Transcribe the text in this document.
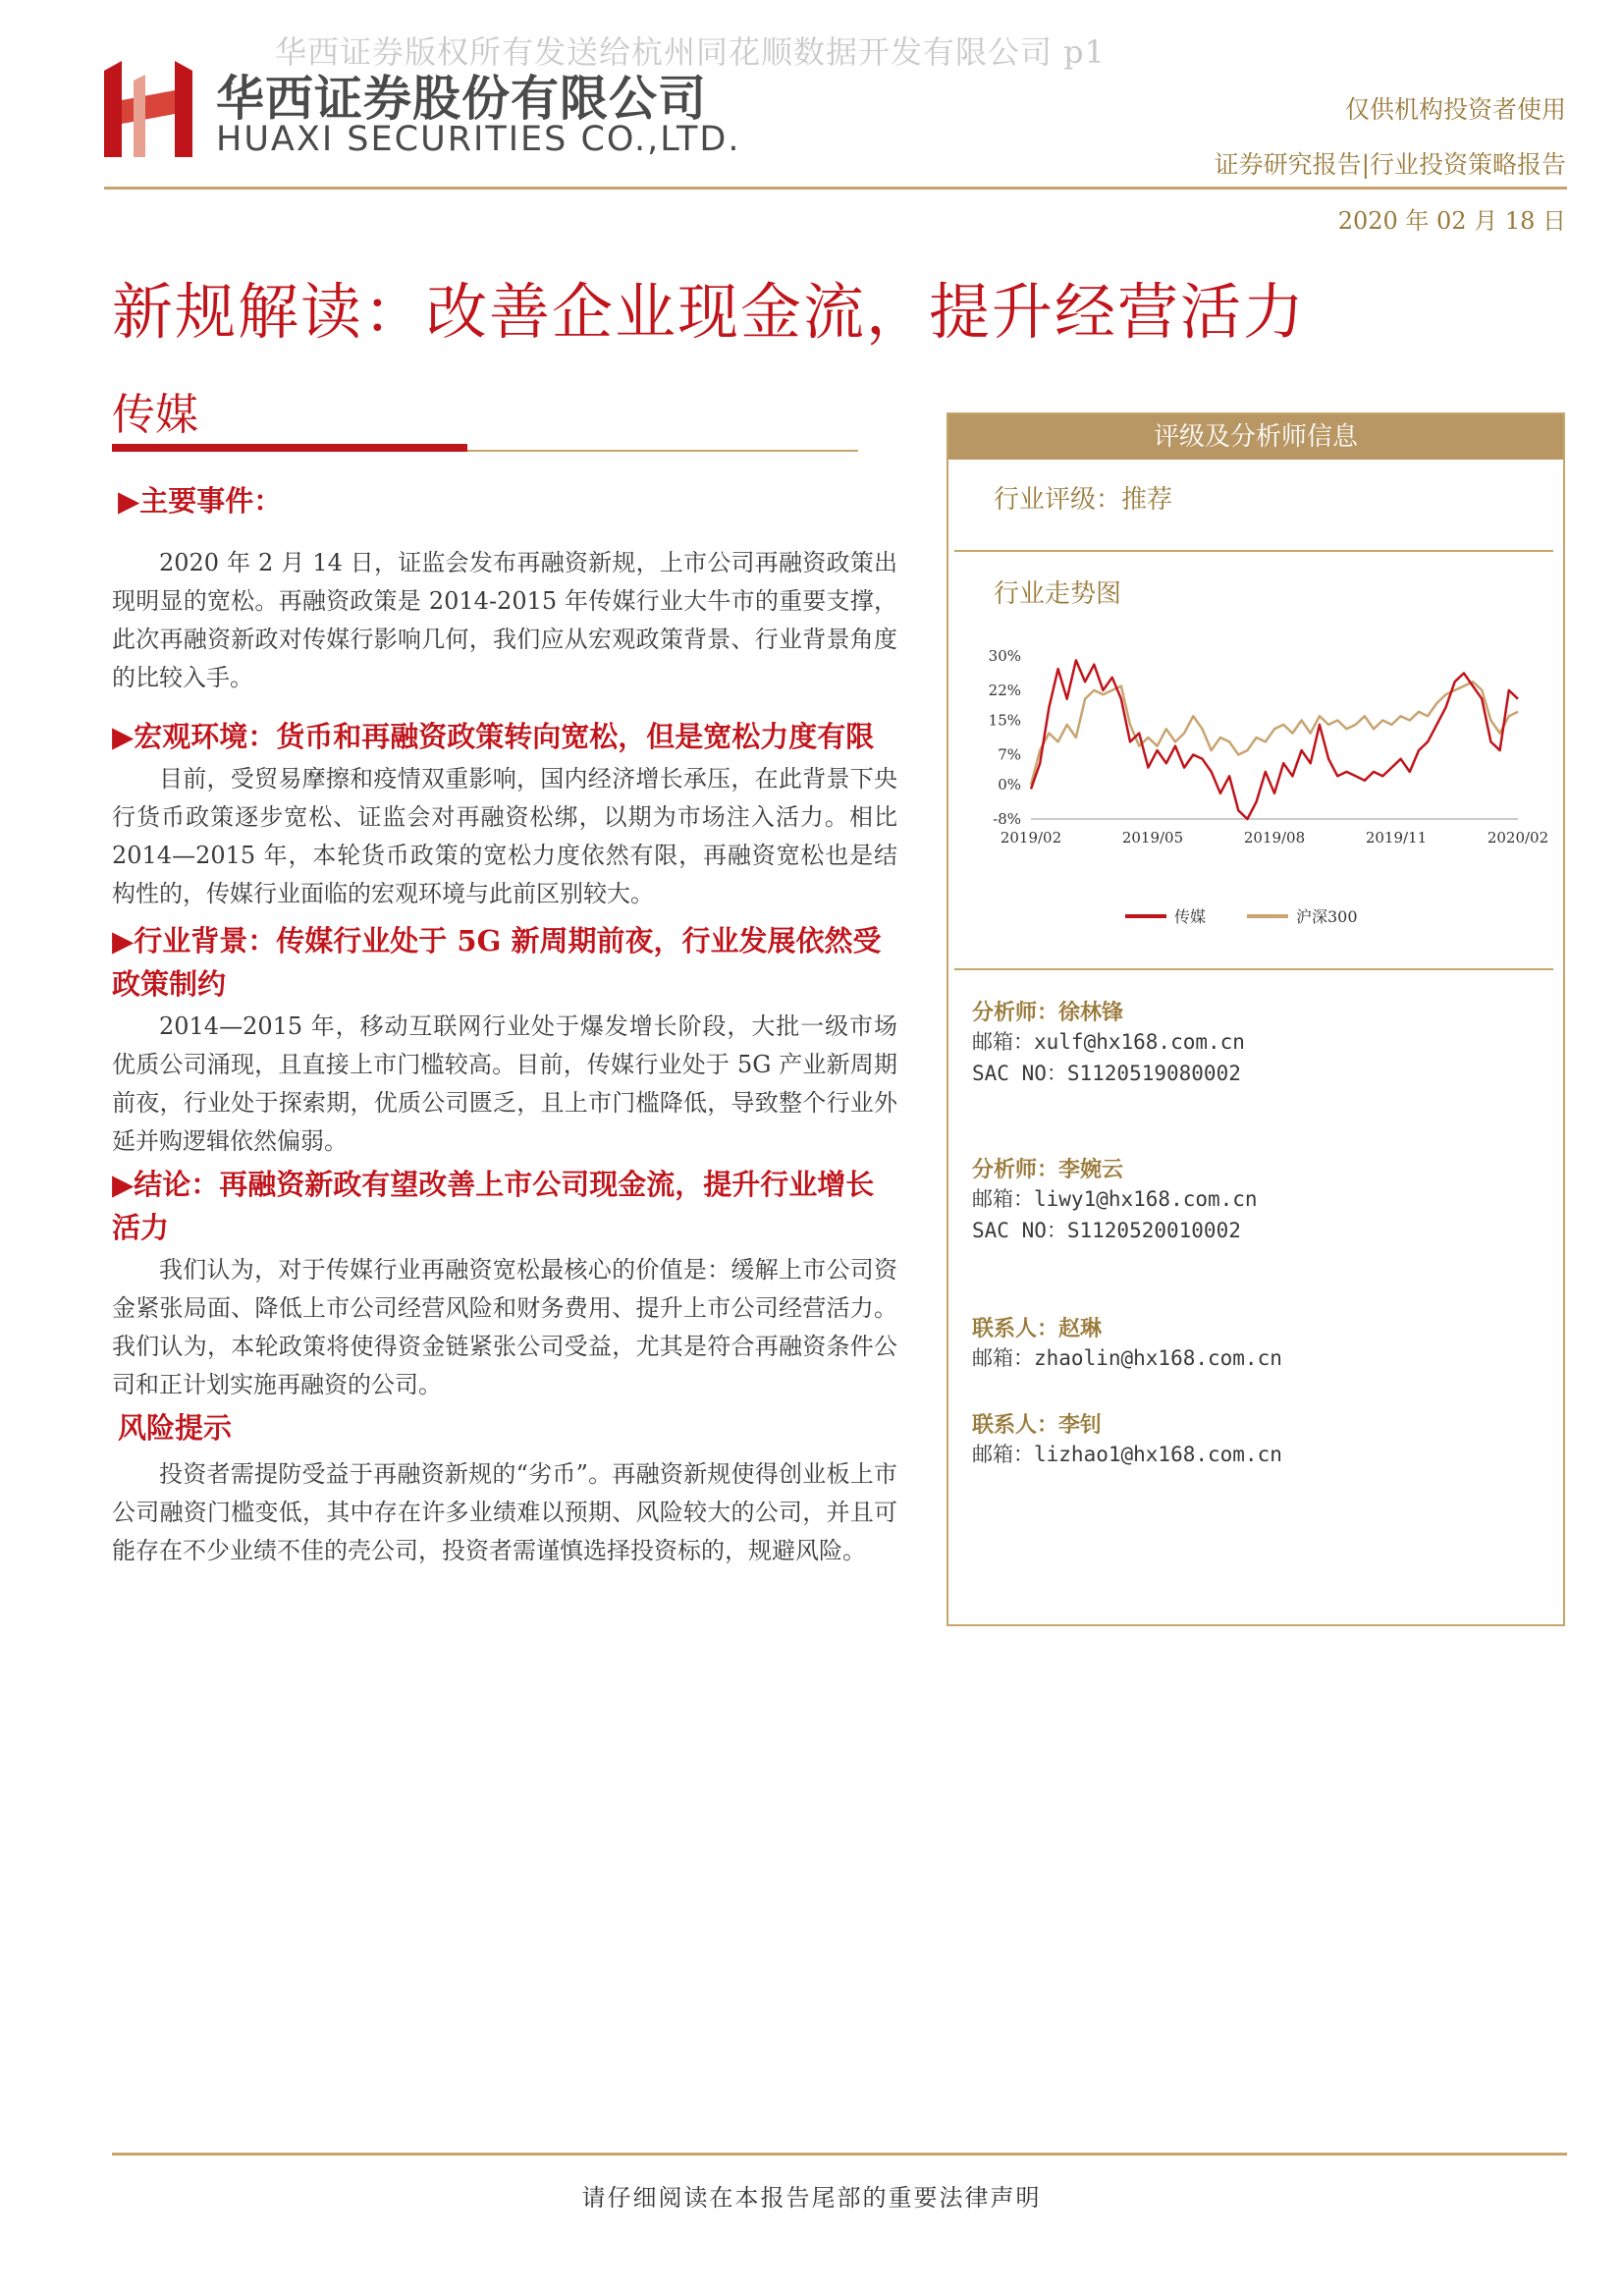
华西证券版权所有发送给杭州同花顺数据开发有限公司 p1
华西证券股份有限公司
HUAXI SECURITIES CO.,LTD.
仅供机构投资者使用
证券研究报告|行业投资策略报告
2020 年 02 月 18 日
新规解读：改善企业现金流，提升经营活力
传媒
▶主要事件：
2020 年 2 月 14 日，证监会发布再融资新规，上市公司再融资政策出现明显的宽松。再融资政策是 2014-2015 年传媒行业大牛市的重要支撑，此次再融资新政对传媒行影响几何，我们应从宏观政策背景、行业背景角度的比较入手。
▶宏观环境：货币和再融资政策转向宽松，但是宽松力度有限
目前，受贸易摩擦和疫情双重影响，国内经济增长承压，在此背景下央行货币政策逐步宽松、证监会对再融资松绑，以期为市场注入活力。相比 2014—2015 年，本轮货币政策的宽松力度依然有限，再融资宽松也是结构性的，传媒行业面临的宏观环境与此前区别较大。
▶行业背景：传媒行业处于 5G 新周期前夜，行业发展依然受政策制约
2014—2015 年，移动互联网行业处于爆发增长阶段，大批一级市场优质公司涌现，且直接上市门槛较高。目前，传媒行业处于 5G 产业新周期前夜，行业处于探索期，优质公司匮乏，且上市门槛降低，导致整个行业外延并购逻辑依然偏弱。
▶结论：再融资新政有望改善上市公司现金流，提升行业增长活力
我们认为，对于传媒行业再融资宽松最核心的价值是：缓解上市公司资金紧张局面、降低上市公司经营风险和财务费用、提升上市公司经营活力。我们认为，本轮政策将使得资金链紧张公司受益，尤其是符合再融资条件公司和正计划实施再融资的公司。
风险提示
投资者需提防受益于再融资新规的“劣币”。再融资新规使得创业板上市公司融资门槛变低，其中存在许多业绩难以预期、风险较大的公司，并且可能存在不少业绩不佳的壳公司，投资者需谨慎选择投资标的，规避风险。
评级及分析师信息
行业评级：推荐
行业走势图
30%
22%
15%
7%
0%
-8%
2019/02	2019/05	2019/08	2019/11	2020/02
传媒	沪深300
分析师：徐林锋
邮箱：xulf@hx168.com.cn
SAC NO：S1120519080002
分析师：李婉云
邮箱：liwy1@hx168.com.cn
SAC NO：S1120520010002
联系人：赵琳
邮箱：zhaolin@hx168.com.cn
联系人：李钊
邮箱：lizhao1@hx168.com.cn
请仔细阅读在本报告尾部的重要法律声明
